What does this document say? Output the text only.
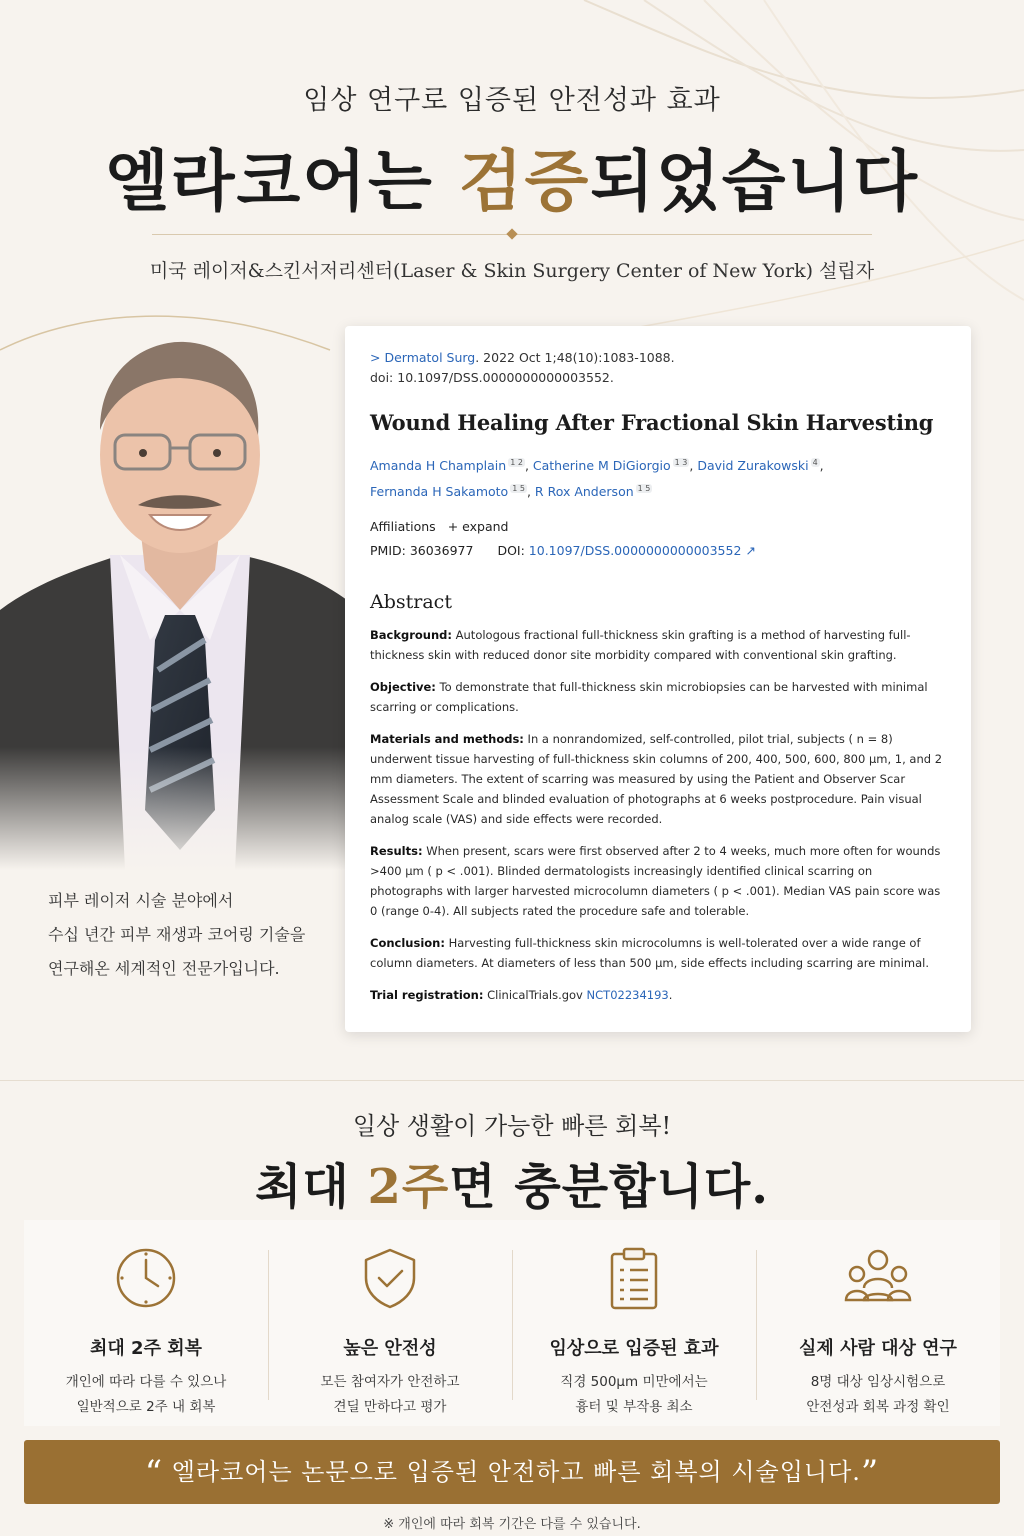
임상 연구로 입증된 안전성과 효과
엘라코어는 검증되었습니다
미국 레이저&스킨서저리센터(Laser & Skin Surgery Center of New York) 설립자
피부 레이저 시술 분야에서
수십 년간 피부 재생과 코어링 기술을
연구해온 세계적인 전문가입니다.
> Dermatol Surg. 2022 Oct 1;48(10):1083-1088.
doi: 10.1097/DSS.0000000000003552.
Wound Healing After Fractional Skin Harvesting
Amanda H Champlain $^{1 2}$ , Catherine M DiGiorgio $^{1 3}$ , David Zurakowski $^4$ ,
Fernanda H Sakamoto $^{1 5}$ , R Rox Anderson $^{1 5}$
Affiliations + expand
PMID: 36036977 DOI: 10.1097/DSS.0000000000003552 ↗
Abstract
Background: Autologous fractional full-thickness skin grafting is a method of harvesting full-thickness skin with reduced donor site morbidity compared with conventional skin grafting.
Objective: To demonstrate that full-thickness skin microbiopsies can be harvested with minimal scarring or complications.
Materials and methods: In a nonrandomized, self-controlled, pilot trial, subjects ( n = 8) underwent tissue harvesting of full-thickness skin columns of 200, 400, 500, 600, 800 μm, 1, and 2 mm diameters. The extent of scarring was measured by using the Patient and Observer Scar Assessment Scale and blinded evaluation of photographs at 6 weeks postprocedure. Pain visual analog scale (VAS) and side effects were recorded.
Results: When present, scars were first observed after 2 to 4 weeks, much more often for wounds >400 μm ( p < .001). Blinded dermatologists increasingly identified clinical scarring on photographs with larger harvested microcolumn diameters ( p < .001). Median VAS pain score was 0 (range 0-4). All subjects rated the procedure safe and tolerable.
Conclusion: Harvesting full-thickness skin microcolumns is well-tolerated over a wide range of column diameters. At diameters of less than 500 μm, side effects including scarring are minimal.
Trial registration: ClinicalTrials.gov NCT02234193.
일상 생활이 가능한 빠른 회복!
최대 2주면 충분합니다.
최대 2주 회복
개인에 따라 다를 수 있으나
일반적으로 2주 내 회복
높은 안전성
모든 참여자가 안전하고
견딜 만하다고 평가
임상으로 입증된 효과
직경 500μm 미만에서는
흉터 및 부작용 최소
실제 사람 대상 연구
8명 대상 임상시험으로
안전성과 회복 과정 확인
“ 엘라코어는 논문으로 입증된 안전하고 빠른 회복의 시술입니다.”
※ 개인에 따라 회복 기간은 다를 수 있습니다.
